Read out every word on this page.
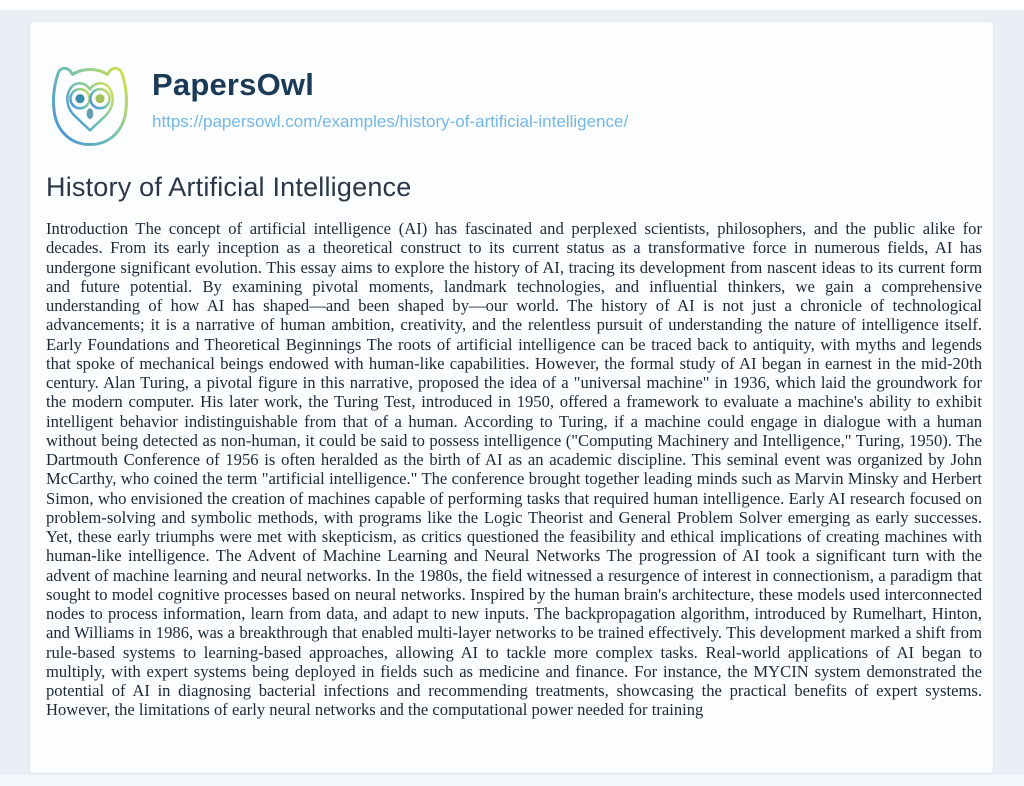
PapersOwl
https://papersowl.com/examples/history-of-artificial-intelligence/
History of Artificial Intelligence

Introduction The concept of artificial intelligence (AI) has fascinated and perplexed scientists, philosophers, and the public alike for decades. From its early inception as a theoretical construct to its current status as a transformative force in numerous fields, AI has undergone significant evolution. This essay aims to explore the history of AI, tracing its development from nascent ideas to its current form and future potential. By examining pivotal moments, landmark technologies, and influential thinkers, we gain a comprehensive understanding of how AI has shaped—and been shaped by—our world. The history of AI is not just a chronicle of technological advancements; it is a narrative of human ambition, creativity, and the relentless pursuit of understanding the nature of intelligence itself. Early Foundations and Theoretical Beginnings The roots of artificial intelligence can be traced back to antiquity, with myths and legends that spoke of mechanical beings endowed with human-like capabilities. However, the formal study of AI began in earnest in the mid-20th century. Alan Turing, a pivotal figure in this narrative, proposed the idea of a "universal machine" in 1936, which laid the groundwork for the modern computer. His later work, the Turing Test, introduced in 1950, offered a framework to evaluate a machine's ability to exhibit intelligent behavior indistinguishable from that of a human. According to Turing, if a machine could engage in dialogue with a human without being detected as non-human, it could be said to possess intelligence ("Computing Machinery and Intelligence," Turing, 1950). The Dartmouth Conference of 1956 is often heralded as the birth of AI as an academic discipline. This seminal event was organized by John McCarthy, who coined the term "artificial intelligence." The conference brought together leading minds such as Marvin Minsky and Herbert Simon, who envisioned the creation of machines capable of performing tasks that required human intelligence. Early AI research focused on problem-solving and symbolic methods, with programs like the Logic Theorist and General Problem Solver emerging as early successes. Yet, these early triumphs were met with skepticism, as critics questioned the feasibility and ethical implications of creating machines with human-like intelligence. The Advent of Machine Learning and Neural Networks The progression of AI took a significant turn with the advent of machine learning and neural networks. In the 1980s, the field witnessed a resurgence of interest in connectionism, a paradigm that sought to model cognitive processes based on neural networks. Inspired by the human brain's architecture, these models used interconnected nodes to process information, learn from data, and adapt to new inputs. The backpropagation algorithm, introduced by Rumelhart, Hinton, and Williams in 1986, was a breakthrough that enabled multi-layer networks to be trained effectively. This development marked a shift from rule-based systems to learning-based approaches, allowing AI to tackle more complex tasks. Real-world applications of AI began to multiply, with expert systems being deployed in fields such as medicine and finance. For instance, the MYCIN system demonstrated the potential of AI in diagnosing bacterial infections and recommending treatments, showcasing the practical benefits of expert systems. However, the limitations of early neural networks and the computational power needed for training
